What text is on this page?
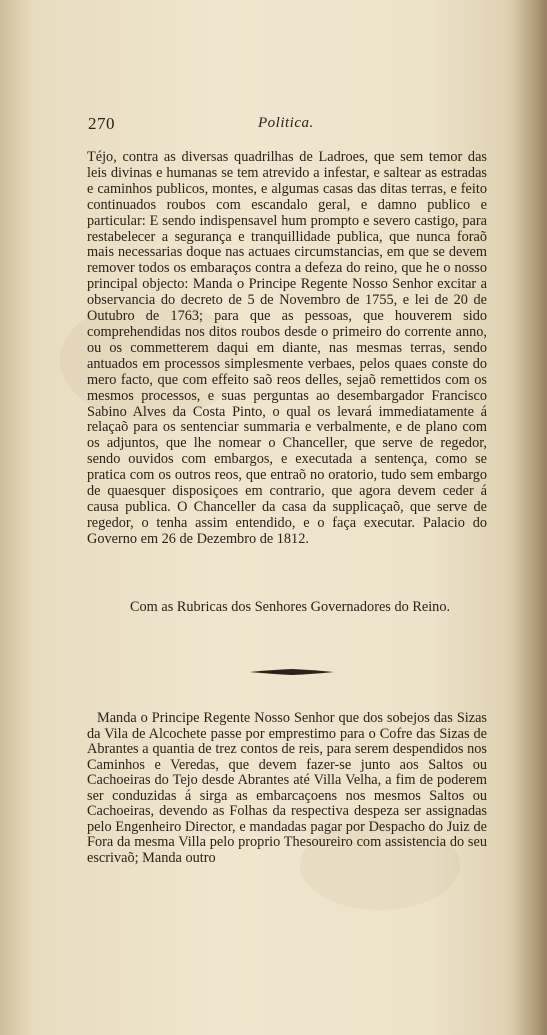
270	Politica.
Téjo, contra as diversas quadrilhas de Ladroes, que sem temor das leis divinas e humanas se tem atrevido a infestar, e saltear as estradas e caminhos publicos, montes, e algumas casas das ditas terras, e feito continuados roubos com escandalo geral, e damno publico e particular: E sendo indispensavel hum prompto e severo castigo, para restabelecer a segurança e tranquillidade publica, que nunca foraõ mais necessarias doque nas actuaes circumstancias, em que se devem remover todos os embaraços contra a defeza do reino, que he o nosso principal objecto: Manda o Principe Regente Nosso Senhor excitar a observancia do decreto de 5 de Novembro de 1755, e lei de 20 de Outubro de 1763; para que as pessoas, que houverem sido comprehendidas nos ditos roubos desde o primeiro do corrente anno, ou os commetterem daqui em diante, nas mesmas terras, sendo antuados em processos simplesmente verbaes, pelos quaes conste do mero facto, que com effeito saõ reos delles, sejaõ remettidos com os mesmos processos, e suas perguntas ao desembargador Francisco Sabino Alves da Costa Pinto, o qual os levará immediatamente á relaçaõ para os sentenciar summaria e verbalmente, e de plano com os adjuntos, que lhe nomear o Chanceller, que serve de regedor, sendo ouvidos com embargos, e executada a sentença, como se pratica com os outros reos, que entraõ no oratorio, tudo sem embargo de quaesquer disposiçoes em contrario, que agora devem ceder á causa publica. O Chanceller da casa da supplicaçaõ, que serve de regedor, o tenha assim entendido, e o faça executar. Palacio do Governo em 26 de Dezembro de 1812.
Com as Rubricas dos Senhores Governadores do Reino.
Manda o Principe Regente Nosso Senhor que dos sobejos das Sizas da Vila de Alcochete passe por emprestimo para o Cofre das Sizas de Abrantes a quantia de trez contos de reis, para serem despendidos nos Caminhos e Veredas, que devem fazer-se junto aos Saltos ou Cachoeiras do Tejo desde Abrantes até Villa Velha, a fim de poderem ser conduzidas á sirga as embarcaçoens nos mesmos Saltos ou Cachoeiras, devendo as Folhas da respectiva despeza ser assignadas pelo Engenheiro Director, e mandadas pagar por Despacho do Juiz de Fora da mesma Villa pelo proprio Thesoureiro com assistencia do seu escrivaõ; Manda outro
